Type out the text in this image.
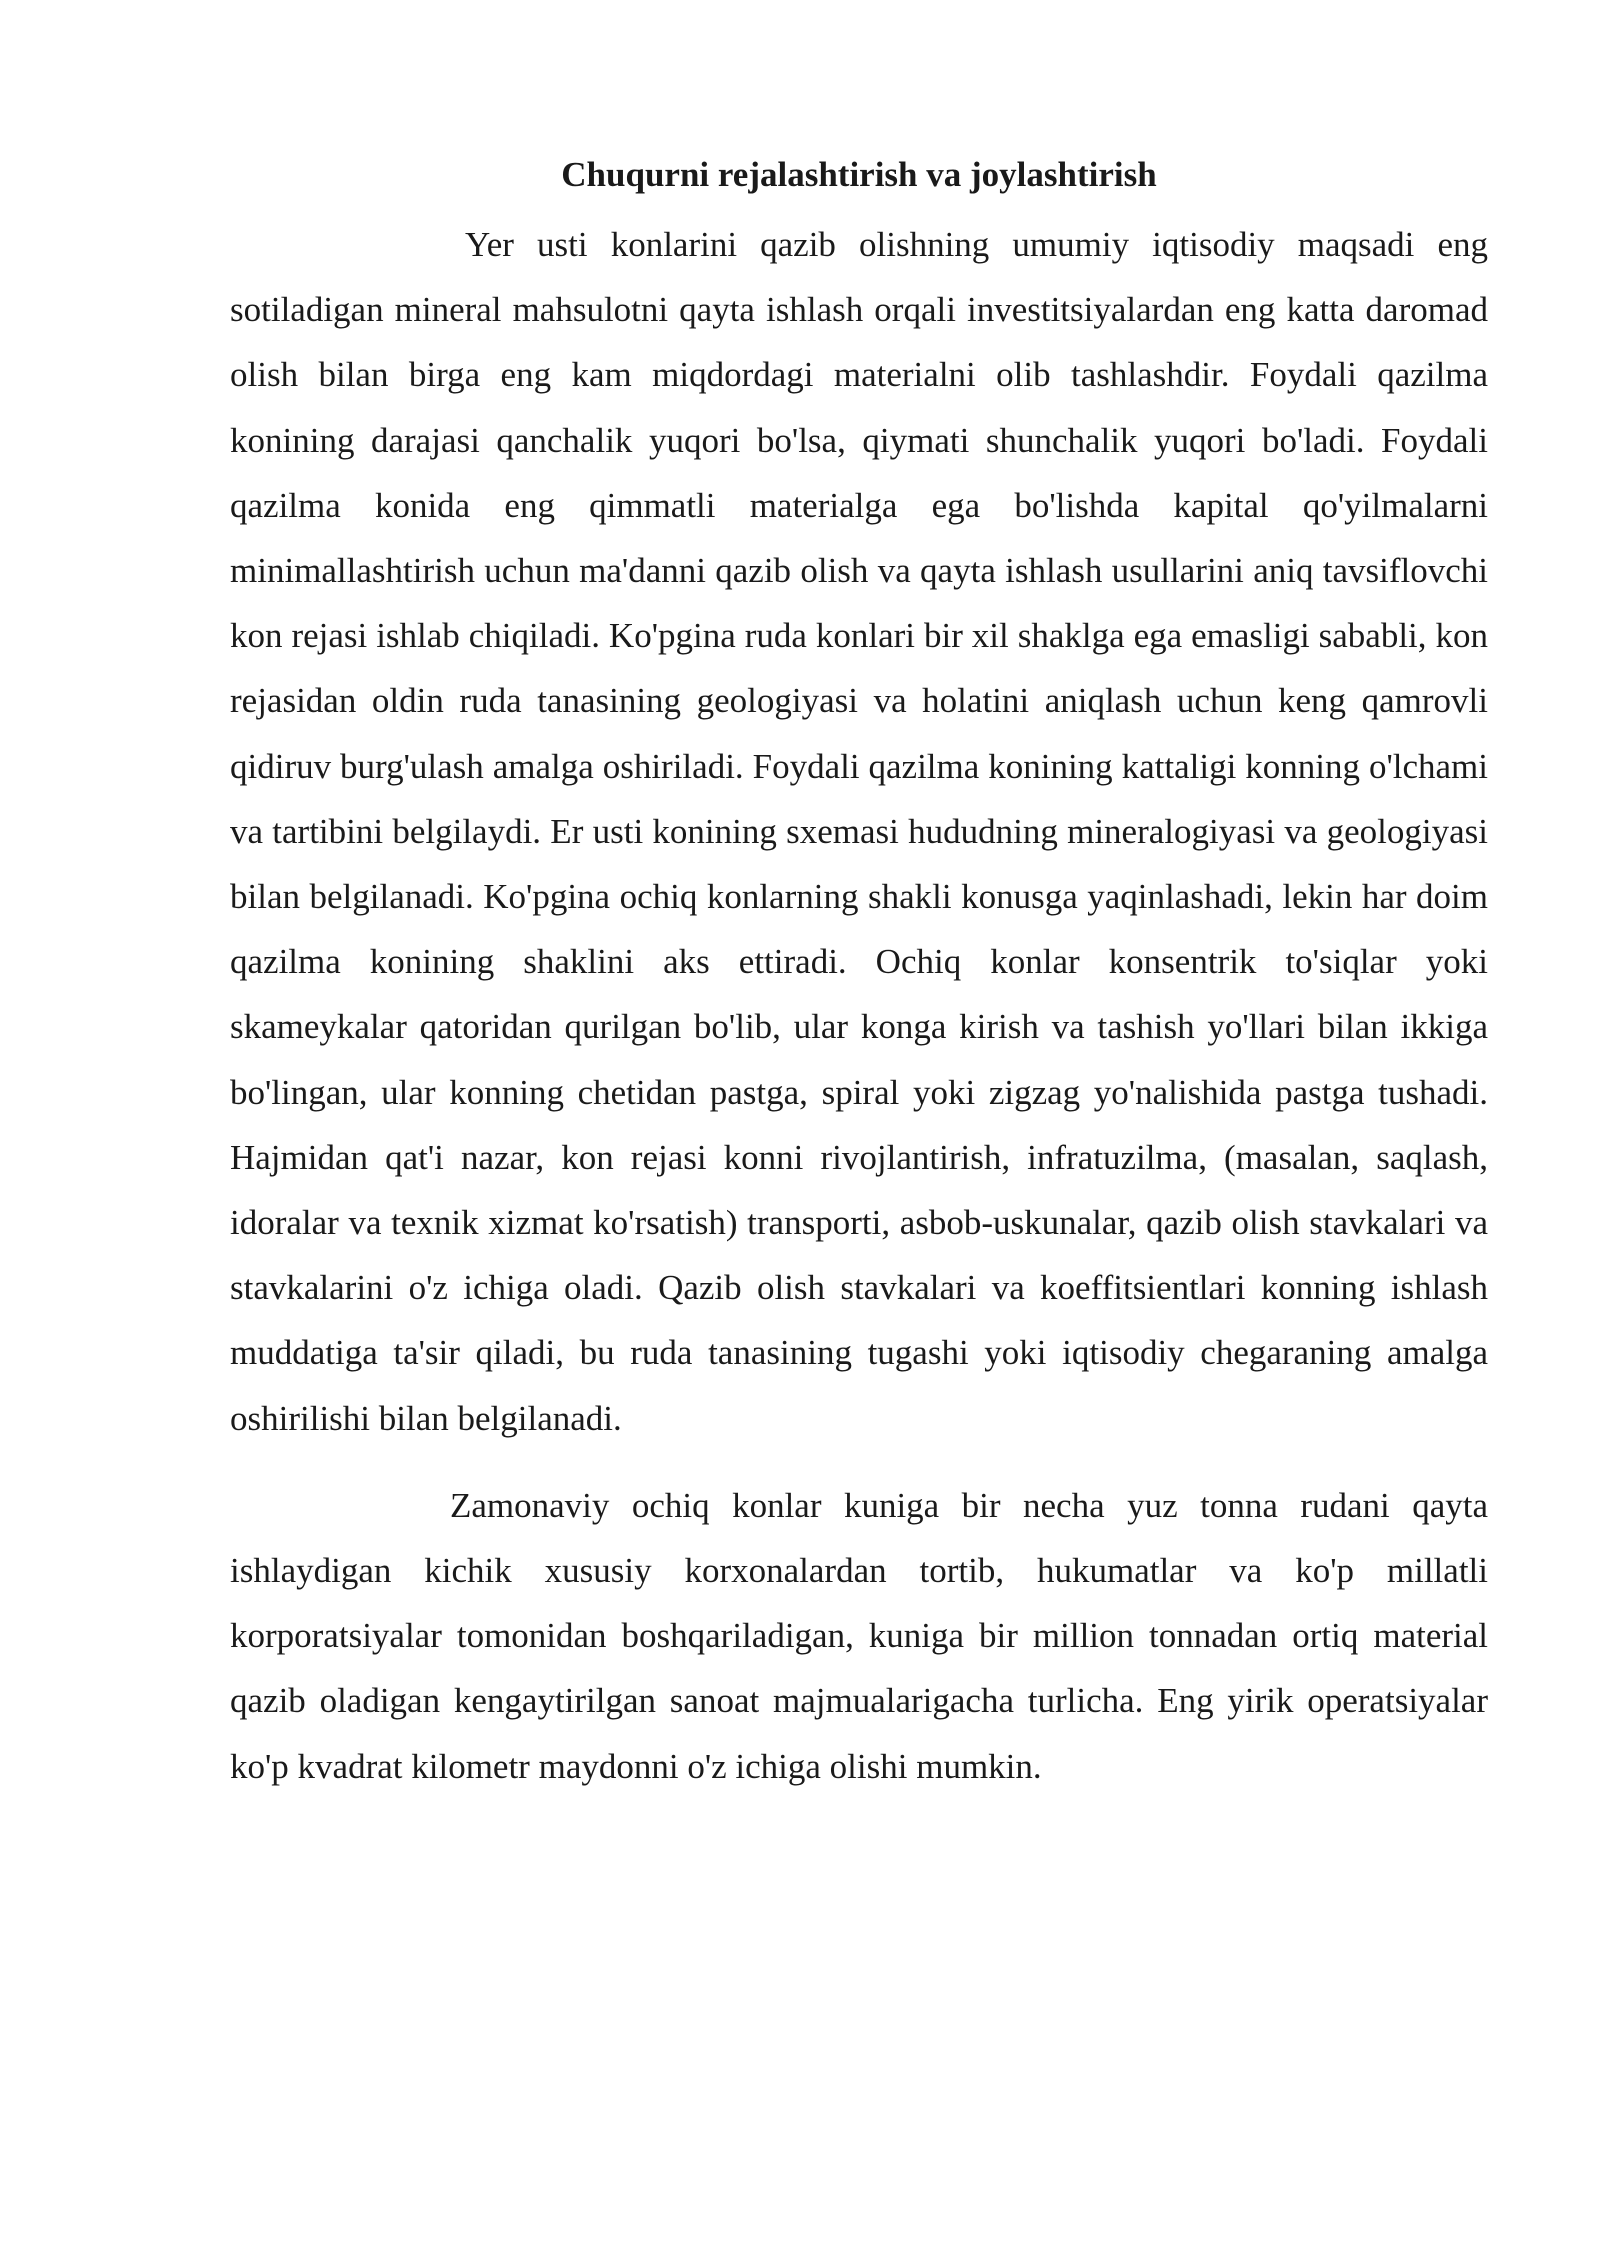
Chuqurni rejalashtirish va joylashtirish

Yer usti konlarini qazib olishning umumiy iqtisodiy maqsadi eng sotiladigan mineral mahsulotni qayta ishlash orqali investitsiyalardan eng katta daromad olish bilan birga eng kam miqdordagi materialni olib tashlashdir. Foydali qazilma konining darajasi qanchalik yuqori bo'lsa, qiymati shunchalik yuqori bo'ladi. Foydali qazilma konida eng qimmatli materialga ega bo'lishda kapital qo'yilmalarni minimallashtirish uchun ma'danni qazib olish va qayta ishlash usullarini aniq tavsiflovchi kon rejasi ishlab chiqiladi. Ko'pgina ruda konlari bir xil shaklga ega emasligi sababli, kon rejasidan oldin ruda tanasining geologiyasi va holatini aniqlash uchun keng qamrovli qidiruv burg'ulash amalga oshiriladi. Foydali qazilma konining kattaligi konning o'lchami va tartibini belgilaydi. Er usti konining sxemasi hududning mineralogiyasi va geologiyasi bilan belgilanadi. Ko'pgina ochiq konlarning shakli konusga yaqinlashadi, lekin har doim qazilma konining shaklini aks ettiradi. Ochiq konlar konsentrik to'siqlar yoki skameykalar qatoridan qurilgan bo'lib, ular konga kirish va tashish yo'llari bilan ikkiga bo'lingan, ular konning chetidan pastga, spiral yoki zigzag yo'nalishida pastga tushadi. Hajmidan qat'i nazar, kon rejasi konni rivojlantirish, infratuzilma, (masalan, saqlash, idoralar va texnik xizmat ko'rsatish) transporti, asbob-uskunalar, qazib olish stavkalari va stavkalarini o'z ichiga oladi. Qazib olish stavkalari va koeffitsientlari konning ishlash muddatiga ta'sir qiladi, bu ruda tanasining tugashi yoki iqtisodiy chegaraning amalga oshirilishi bilan belgilanadi.

Zamonaviy ochiq konlar kuniga bir necha yuz tonna rudani qayta ishlaydigan kichik xususiy korxonalardan tortib, hukumatlar va ko'p millatli korporatsiyalar tomonidan boshqariladigan, kuniga bir million tonnadan ortiq material qazib oladigan kengaytirilgan sanoat majmualarigacha turlicha. Eng yirik operatsiyalar ko'p kvadrat kilometr maydonni o'z ichiga olishi mumkin.
